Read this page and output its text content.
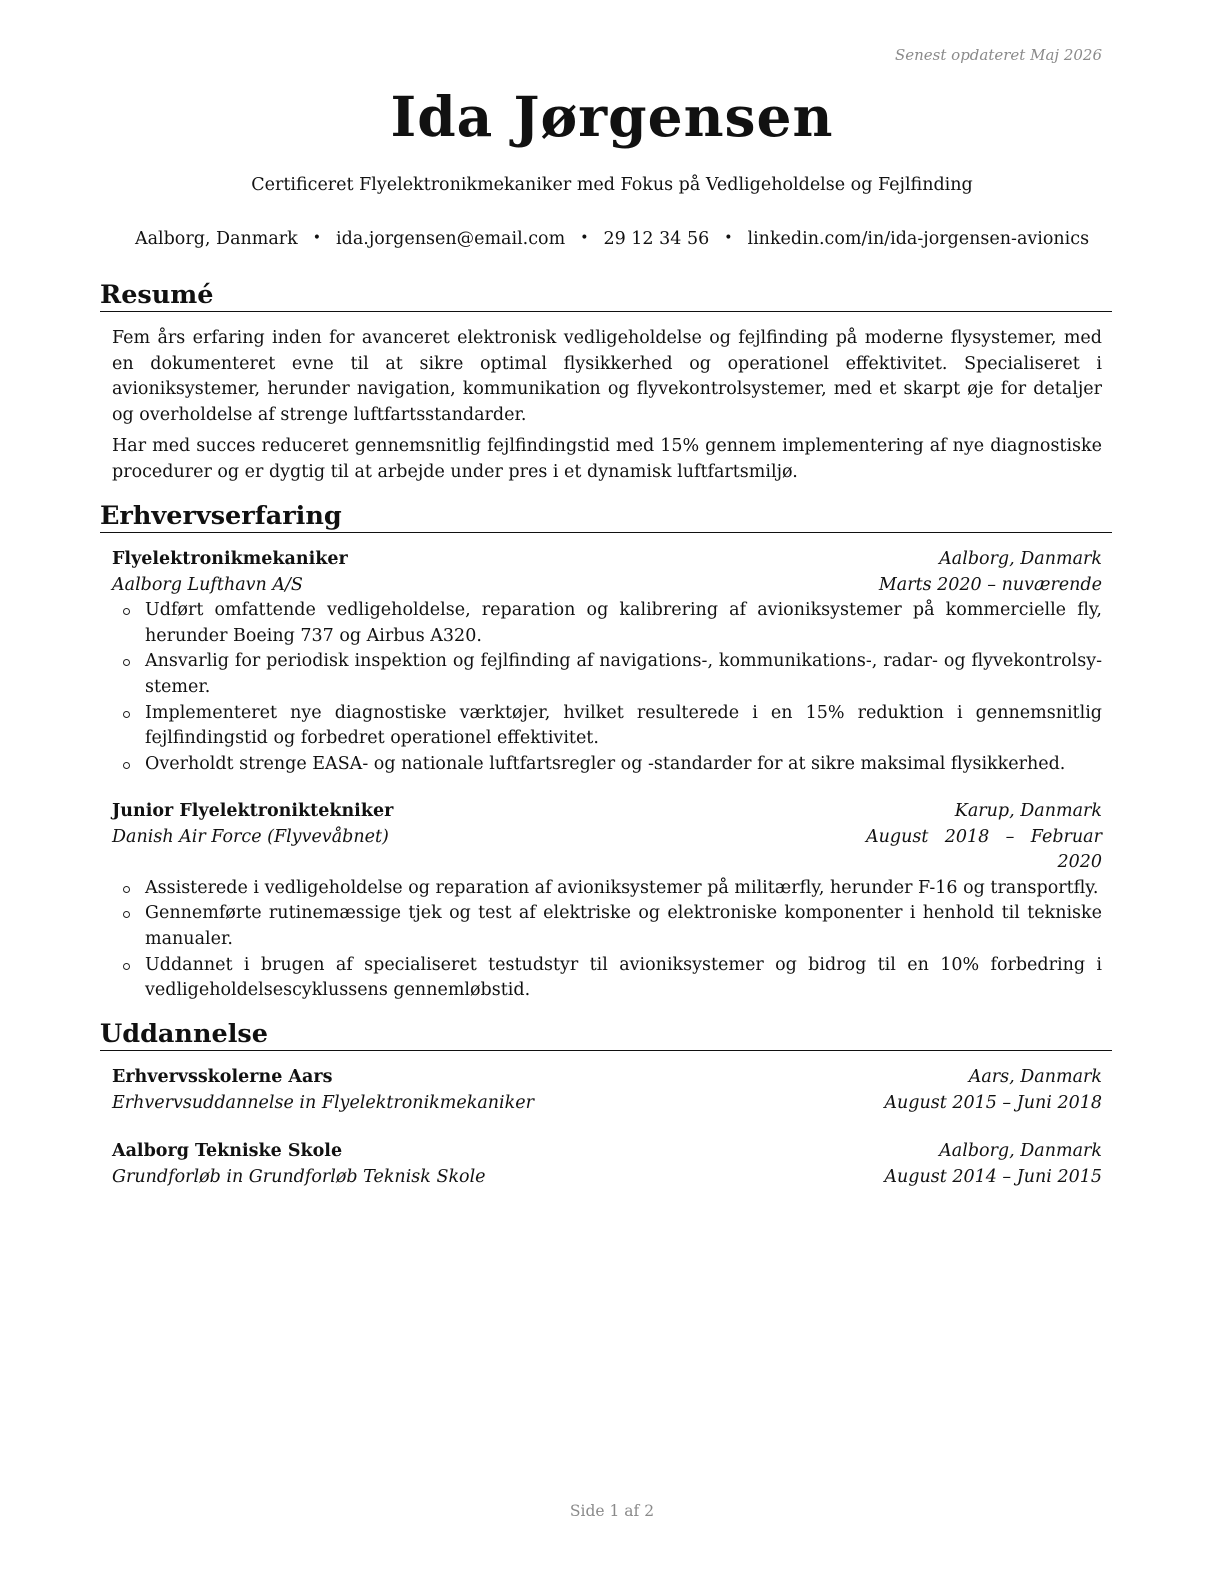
Senest opdateret Maj 2026
Ida Jørgensen
Certificeret Flyelektronikmekaniker med Fokus på Vedligeholdelse og Fejlfinding
Aalborg, Danmark • ida.jorgensen@email.com • 29 12 34 56 • linkedin.com/in/ida-jorgensen-avionics
Resumé

Fem års erfaring inden for avanceret elektronisk vedligeholdelse og fejlfinding på moderne flysystemer, med en dokumenteret evne til at sikre optimal flysikkerhed og operationel effektivitet. Specialiseret i avioniksystemer, herunder navigation, kommunikation og flyvekontrolsystemer, med et skarpt øje for detaljer og overholdelse af strenge luftfartsstandarder.

Har med succes reduceret gennemsnitlig fejlfindingstid med 15% gennem implementering af nye diagnostiske procedurer og er dygtig til at arbejde under pres i et dynamisk luftfartsmiljø.

Erhvervserfaring
Flyelektronikmekaniker	Aalborg, Danmark
Aalborg Lufthavn A/S	Marts 2020 – nuværende
Udført omfattende vedligeholdelse, reparation og kalibrering af avioniksystemer på kommercielle fly, herunder Boeing 737 og Airbus A320.
Ansvarlig for periodisk inspektion og fejlfinding af navigations-, kommunikations-, radar- og flyvekontrolsystemer.
Implementeret nye diagnostiske værktøjer, hvilket resulterede i en 15% reduktion i gennemsnitlig fejlfindingstid og forbedret operationel effektivitet.
Overholdt strenge EASA- og nationale luftfartsregler og -standarder for at sikre maksimal flysikkerhed.
Junior Flyelektroniktekniker	Karup, Danmark
Danish Air Force (Flyvevåbnet)	August 2018 – Februar 2020
Assisterede i vedligeholdelse og reparation af avioniksystemer på militærfly, herunder F-16 og transportfly.
Gennemførte rutinemæssige tjek og test af elektriske og elektroniske komponenter i henhold til tekniske manualer.
Uddannet i brugen af specialiseret testudstyr til avioniksystemer og bidrog til en 10% forbedring i vedligeholdelsescyklussens gennemløbstid.
Uddannelse
Erhvervsskolerne Aars	Aars, Danmark
Erhvervsuddannelse in Flyelektronikmekaniker	August 2015 – Juni 2018
Aalborg Tekniske Skole	Aalborg, Danmark
Grundforløb in Grundforløb Teknisk Skole	August 2014 – Juni 2015
Side 1 af 2
